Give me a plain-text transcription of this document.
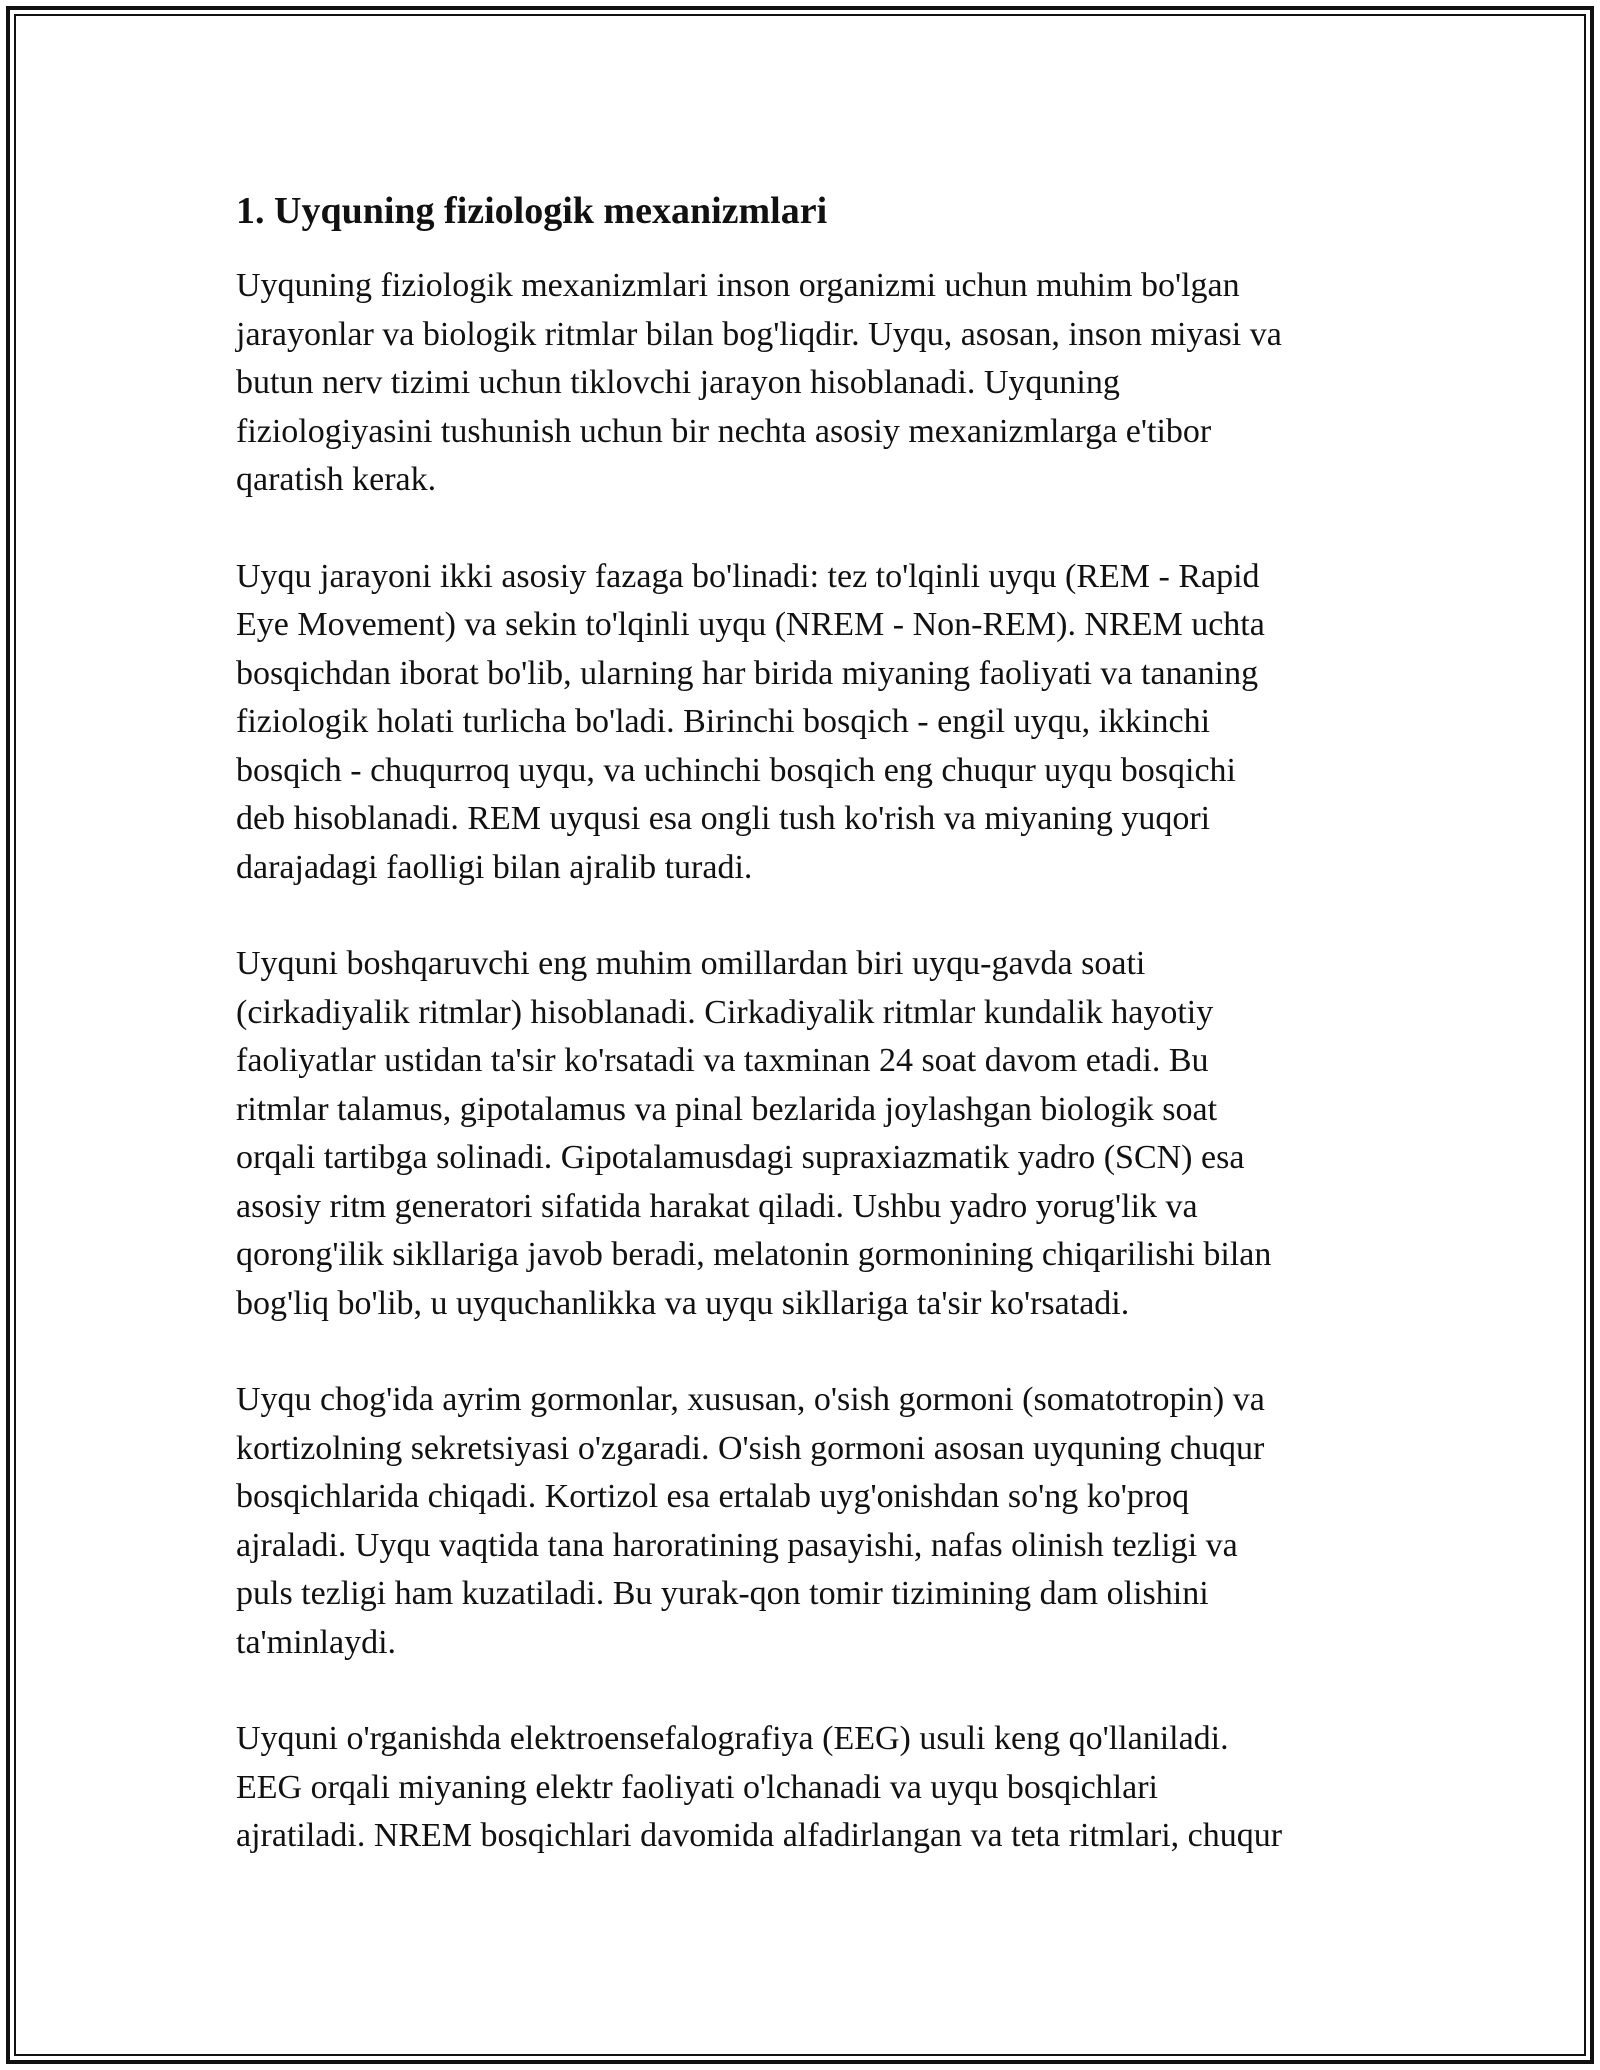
1. Uyquning fiziologik mexanizmlari

Uyquning fiziologik mexanizmlari inson organizmi uchun muhim bo'lgan
jarayonlar va biologik ritmlar bilan bog'liqdir. Uyqu, asosan, inson miyasi va
butun nerv tizimi uchun tiklovchi jarayon hisoblanadi. Uyquning
fiziologiyasini tushunish uchun bir nechta asosiy mexanizmlarga e'tibor
qaratish kerak.

Uyqu jarayoni ikki asosiy fazaga bo'linadi: tez to'lqinli uyqu (REM - Rapid
Eye Movement) va sekin to'lqinli uyqu (NREM - Non-REM). NREM uchta
bosqichdan iborat bo'lib, ularning har birida miyaning faoliyati va tananing
fiziologik holati turlicha bo'ladi. Birinchi bosqich - engil uyqu, ikkinchi
bosqich - chuqurroq uyqu, va uchinchi bosqich eng chuqur uyqu bosqichi
deb hisoblanadi. REM uyqusi esa ongli tush ko'rish va miyaning yuqori
darajadagi faolligi bilan ajralib turadi.

Uyquni boshqaruvchi eng muhim omillardan biri uyqu-gavda soati
(cirkadiyalik ritmlar) hisoblanadi. Cirkadiyalik ritmlar kundalik hayotiy
faoliyatlar ustidan ta'sir ko'rsatadi va taxminan 24 soat davom etadi. Bu
ritmlar talamus, gipotalamus va pinal bezlarida joylashgan biologik soat
orqali tartibga solinadi. Gipotalamusdagi supraxiazmatik yadro (SCN) esa
asosiy ritm generatori sifatida harakat qiladi. Ushbu yadro yorug'lik va
qorong'ilik sikllariga javob beradi, melatonin gormonining chiqarilishi bilan
bog'liq bo'lib, u uyquchanlikka va uyqu sikllariga ta'sir ko'rsatadi.

Uyqu chog'ida ayrim gormonlar, xususan, o'sish gormoni (somatotropin) va
kortizolning sekretsiyasi o'zgaradi. O'sish gormoni asosan uyquning chuqur
bosqichlarida chiqadi. Kortizol esa ertalab uyg'onishdan so'ng ko'proq
ajraladi. Uyqu vaqtida tana haroratining pasayishi, nafas olinish tezligi va
puls tezligi ham kuzatiladi. Bu yurak-qon tomir tizimining dam olishini
ta'minlaydi.

Uyquni o'rganishda elektroensefalografiya (EEG) usuli keng qo'llaniladi.
EEG orqali miyaning elektr faoliyati o'lchanadi va uyqu bosqichlari
ajratiladi. NREM bosqichlari davomida alfadirlangan va teta ritmlari, chuqur
